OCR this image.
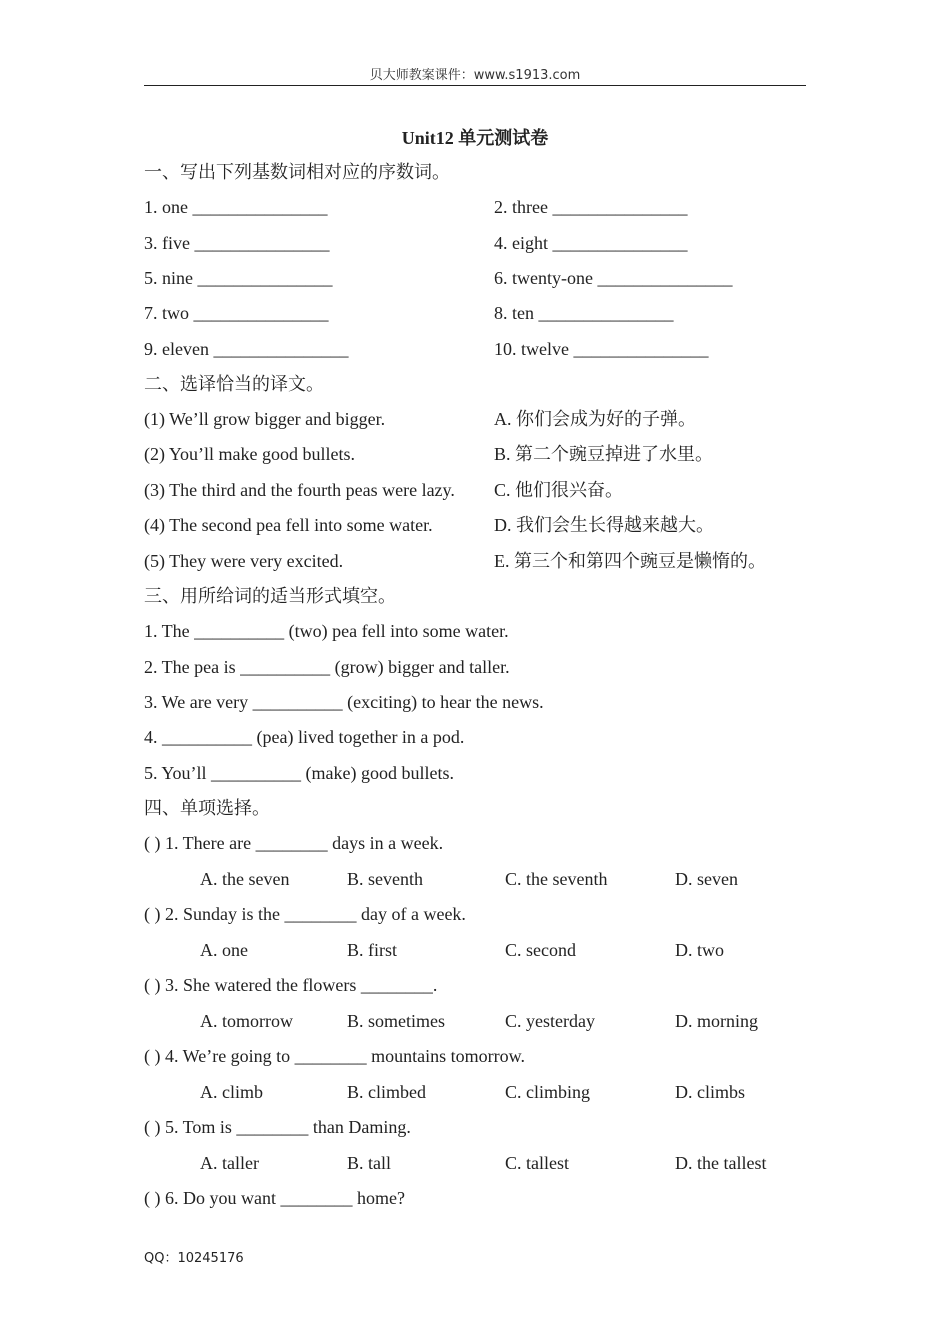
贝大师教案课件：www.s1913.com
Unit12 单元测试卷
一、写出下列基数词相对应的序数词。
1. one _______________	2. three _______________
3. five _______________	4. eight _______________
5. nine _______________	6. twenty-one _______________
7. two _______________	8. ten _______________
9. eleven _______________	10. twelve _______________
二、选译恰当的译文。
(1) We’ll grow bigger and bigger.	A. 你们会成为好的子弹。
(2) You’ll make good bullets.	B. 第二个豌豆掉进了水里。
(3) The third and the fourth peas were lazy. C. 他们很兴奋。
(4) The second pea fell into some water.	D. 我们会生长得越来越大。
(5) They were very excited.	E. 第三个和第四个豌豆是懒惰的。
三、用所给词的适当形式填空。
1. The __________ (two) pea fell into some water.
2. The pea is __________ (grow) bigger and taller.
3. We are very __________ (exciting) to hear the news.
4. __________ (pea) lived together in a pod.
5. You’ll __________ (make) good bullets.
四、单项选择。
( ) 1. There are ________ days in a week.
A. the seven	B. seventh	C. the seventh	D. seven
( ) 2. Sunday is the ________ day of a week.
A. one	B. first	C. second	D. two
( ) 3. She watered the flowers ________.
A. tomorrow	B. sometimes	C. yesterday	D. morning
( ) 4. We’re going to ________ mountains tomorrow.
A. climb	B. climbed	C. climbing	D. climbs
( ) 5. Tom is ________ than Daming.
A. taller	B. tall	C. tallest	D. the tallest
( ) 6. Do you want ________ home?
QQ：10245176
